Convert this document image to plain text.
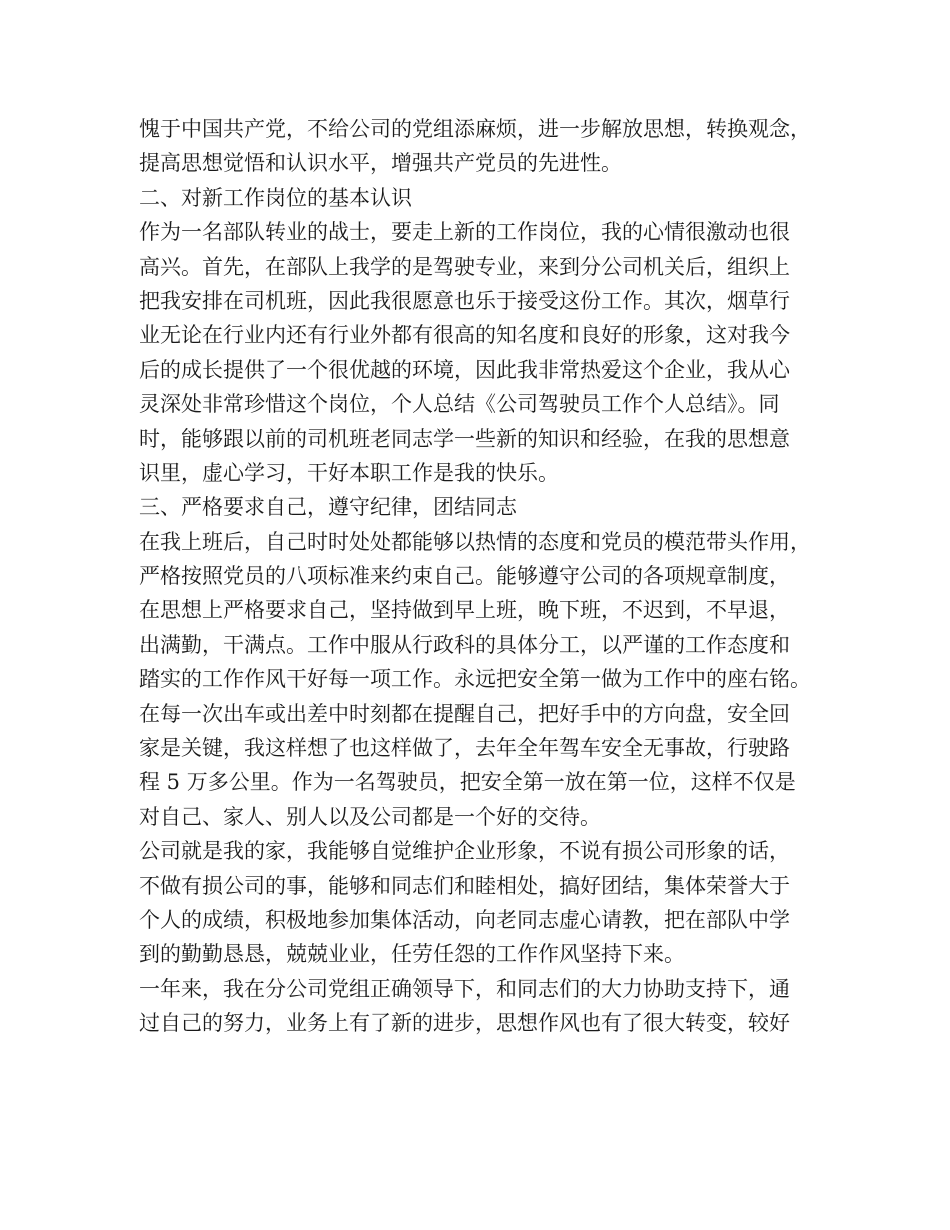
愧于中国共产党，不给公司的党组添麻烦，进一步解放思想，转换观念，
提高思想觉悟和认识水平，增强共产党员的先进性。
二、对新工作岗位的基本认识
作为一名部队转业的战士，要走上新的工作岗位，我的心情很激动也很
高兴。首先，在部队上我学的是驾驶专业，来到分公司机关后，组织上
把我安排在司机班，因此我很愿意也乐于接受这份工作。其次，烟草行
业无论在行业内还有行业外都有很高的知名度和良好的形象，这对我今
后的成长提供了一个很优越的环境，因此我非常热爱这个企业，我从心
灵深处非常珍惜这个岗位，个人总结《公司驾驶员工作个人总结》。同
时，能够跟以前的司机班老同志学一些新的知识和经验，在我的思想意
识里，虚心学习，干好本职工作是我的快乐。
三、严格要求自己，遵守纪律，团结同志
在我上班后，自己时时处处都能够以热情的态度和党员的模范带头作用，
严格按照党员的八项标准来约束自己。能够遵守公司的各项规章制度，
在思想上严格要求自己，坚持做到早上班，晚下班，不迟到，不早退，
出满勤，干满点。工作中服从行政科的具体分工，以严谨的工作态度和
踏实的工作作风干好每一项工作。永远把安全第一做为工作中的座右铭。
在每一次出车或出差中时刻都在提醒自己，把好手中的方向盘，安全回
家是关键，我这样想了也这样做了，去年全年驾车安全无事故，行驶路
程 5 万多公里。作为一名驾驶员，把安全第一放在第一位，这样不仅是
对自己、家人、别人以及公司都是一个好的交待。
公司就是我的家，我能够自觉维护企业形象，不说有损公司形象的话，
不做有损公司的事，能够和同志们和睦相处，搞好团结，集体荣誉大于
个人的成绩，积极地参加集体活动，向老同志虚心请教，把在部队中学
到的勤勤恳恳，兢兢业业，任劳任怨的工作作风坚持下来。
一年来，我在分公司党组正确领导下，和同志们的大力协助支持下，通
过自己的努力，业务上有了新的进步，思想作风也有了很大转变，较好
